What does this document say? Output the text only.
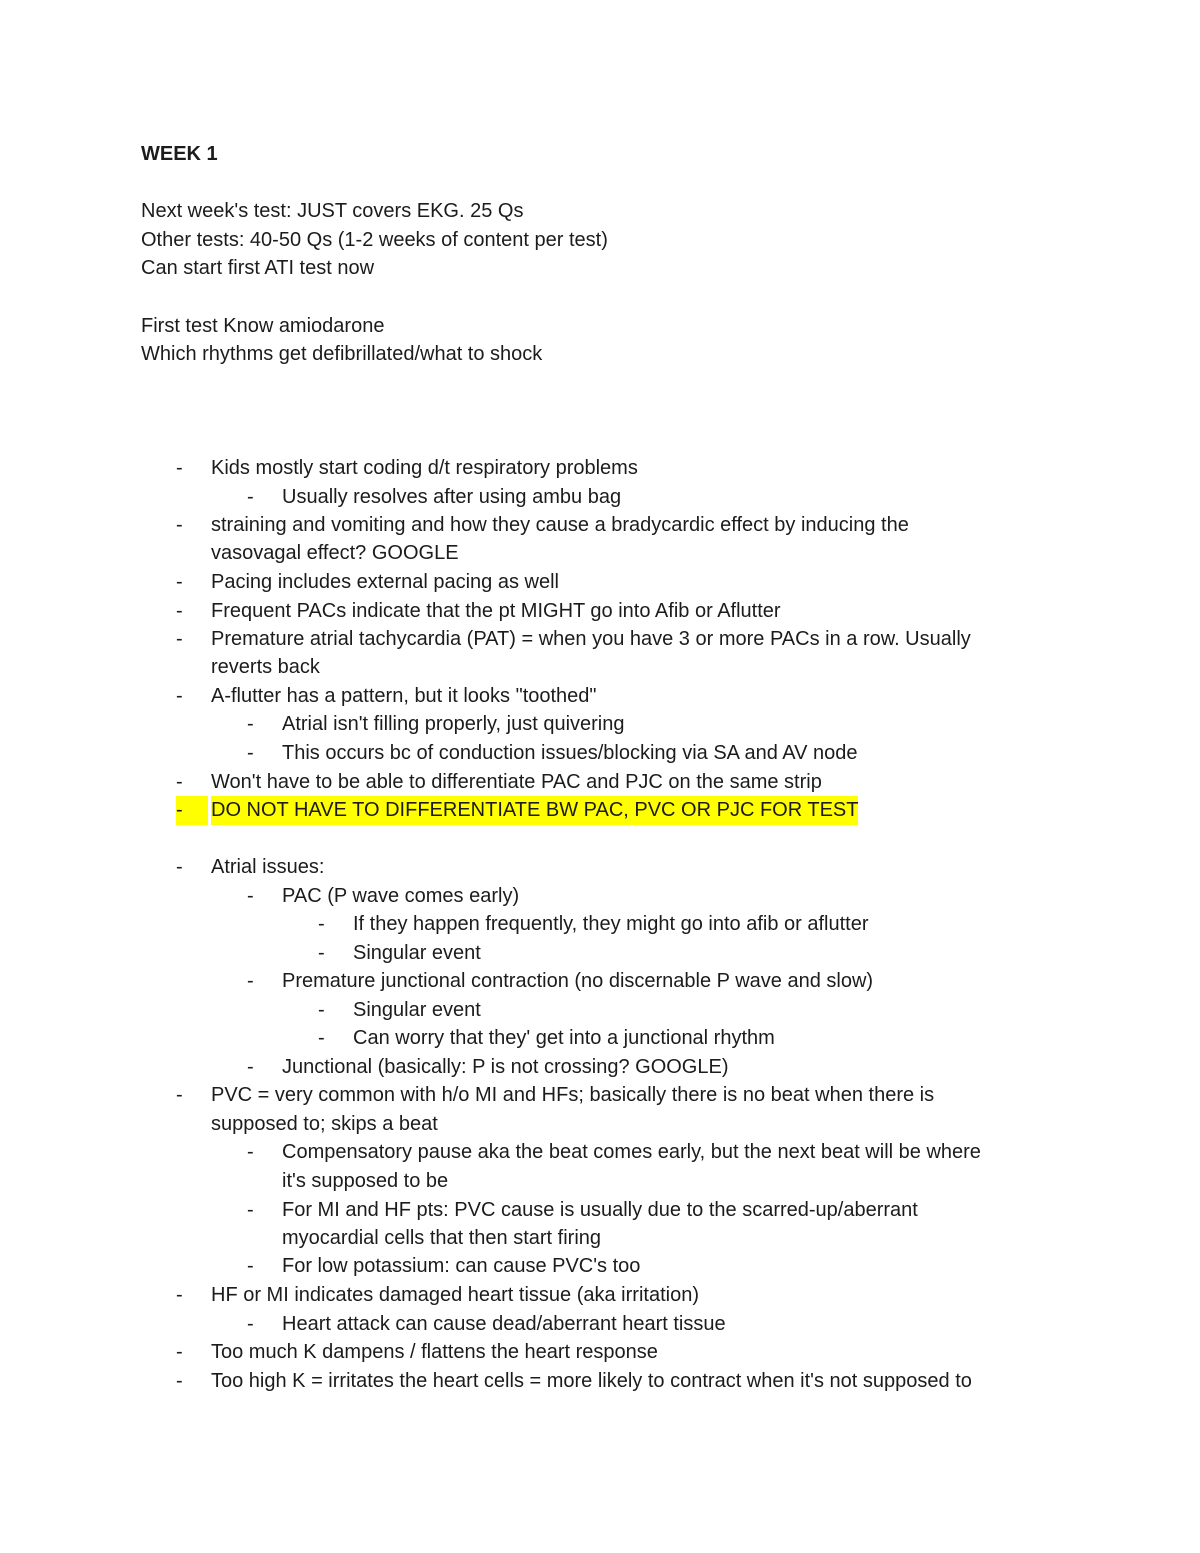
WEEK 1
Next week's test: JUST covers EKG. 25 Qs
Other tests: 40-50 Qs (1-2 weeks of content per test)
Can start first ATI test now
First test Know amiodarone
Which rhythms get defibrillated/what to shock
- Kids mostly start coding d/t respiratory problems
- Usually resolves after using ambu bag
- straining and vomiting and how they cause a bradycardic effect by inducing the
vasovagal effect? GOOGLE
- Pacing includes external pacing as well
- Frequent PACs indicate that the pt MIGHT go into Afib or Aflutter
- Premature atrial tachycardia (PAT) = when you have 3 or more PACs in a row. Usually
reverts back
- A-flutter has a pattern, but it looks "toothed"
- Atrial isn't filling properly, just quivering
- This occurs bc of conduction issues/blocking via SA and AV node
- Won't have to be able to differentiate PAC and PJC on the same strip
-	DO NOT HAVE TO DIFFERENTIATE BW PAC, PVC OR PJC FOR TEST
- Atrial issues:
- PAC (P wave comes early)
- If they happen frequently, they might go into afib or aflutter
- Singular event
- Premature junctional contraction (no discernable P wave and slow)
- Singular event
- Can worry that they' get into a junctional rhythm
- Junctional (basically: P is not crossing? GOOGLE)
- PVC = very common with h/o MI and HFs; basically there is no beat when there is
supposed to; skips a beat
- Compensatory pause aka the beat comes early, but the next beat will be where
it's supposed to be
- For MI and HF pts: PVC cause is usually due to the scarred-up/aberrant
myocardial cells that then start firing
- For low potassium: can cause PVC's too
- HF or MI indicates damaged heart tissue (aka irritation)
- Heart attack can cause dead/aberrant heart tissue
- Too much K dampens / flattens the heart response
- Too high K = irritates the heart cells = more likely to contract when it's not supposed to
